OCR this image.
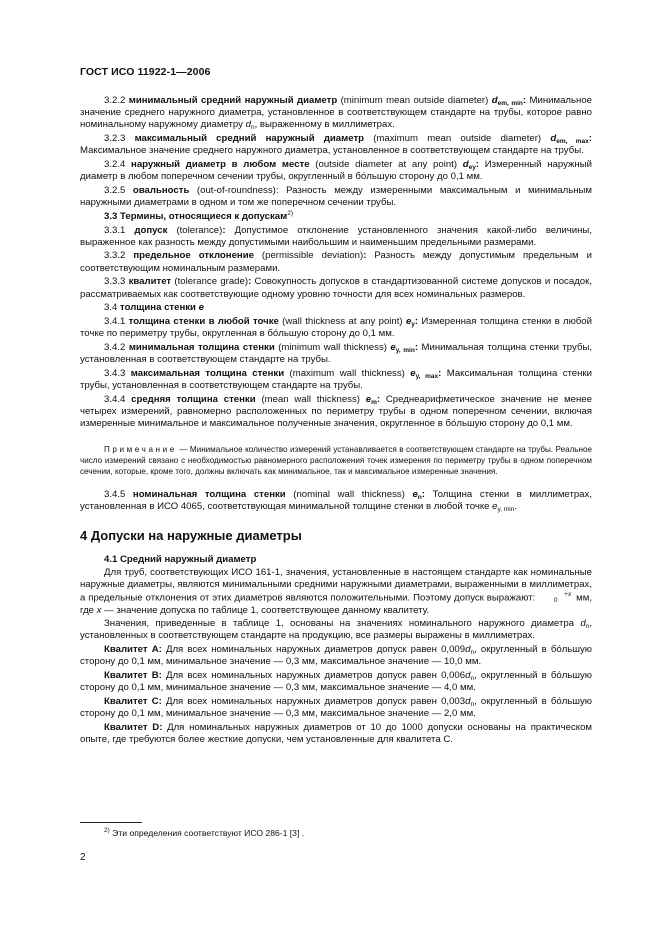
ГОСТ ИСО 11922-1—2006

3.2.2 минимальный средний наружный диаметр (minimum mean outside diameter) $d_{em, min}$: Минимальное значение среднего наружного диаметра, установленное в соответствующем стандарте на трубы, которое равно номинальному наружному диаметру $d_n$, выраженному в миллиметрах.

3.2.3 максимальный средний наружный диаметр (maximum mean outside diameter) $d_{em, max}$: Максимальное значение среднего наружного диаметра, установленное в соответствующем стандарте на трубы.

3.2.4 наружный диаметр в любом месте (outside diameter at any point) $d_{ey}$: Измеренный наружный диаметр в любом поперечном сечении трубы, округленный в бо́льшую сторону до 0,1 мм.

3.2.5 овальность (out-of-roundness): Разность между измеренными максимальным и минимальным наружными диаметрами в одном и том же поперечном сечении трубы.

3.3 Термины, относящиеся к допускам$^{2)}$

3.3.1 допуск (tolerance): Допустимое отклонение установленного значения какой-либо величины, выраженное как разность между допустимыми наибольшим и наименьшим предельными размерами.

3.3.2 предельное отклонение (permissible deviation): Разность между допустимым предельным и соответствующим номинальным размерами.

3.3.3 квалитет (tolerance grade): Совокупность допусков в стандартизованной системе допусков и посадок, рассматриваемых как соответствующие одному уровню точности для всех номинальных размеров.

3.4 толщина стенки e

3.4.1 толщина стенки в любой точке (wall thickness at any point) $e_y$: Измеренная толщина стенки в любой точке по периметру трубы, округленная в бо́льшую сторону до 0,1 мм.

3.4.2 минимальная толщина стенки (minimum wall thickness) $e_{y, min}$: Минимальная толщина стенки трубы, установленная в соответствующем стандарте на трубы.

3.4.3 максимальная толщина стенки (maximum wall thickness) $e_{y, max}$: Максимальная толщина стенки трубы, установленная в соответствующем стандарте на трубы.

3.4.4 средняя толщина стенки (mean wall thickness) $e_m$: Среднеарифметическое значение не менее четырех измерений, равномерно расположенных по периметру трубы в одном поперечном сечении, включая измеренные минимальное и максимальное полученные значения, округленное в бо́льшую сторону до 0,1 мм.

Примечание — Минимальное количество измерений устанавливается в соответствующем стандарте на трубы. Реальное число измерений связано с необходимостью равномерного расположения точек измерения по периметру трубы в одном поперечном сечении, которые, кроме того, должны включать как минимальное, так и максимальное измеренные значения.

3.4.5 номинальная толщина стенки (nominal wall thickness) $e_n$: Толщина стенки в миллиметрах, установленная в ИСО 4065, соответствующая минимальной толщине стенки в любой точке $e_{y, min}$.

4 Допуски на наружные диаметры

4.1 Средний наружный диаметр

Для труб, соответствующих ИСО 161-1, значения, установленные в настоящем стандарте как номинальные наружные диаметры, являются минимальными средними наружными диаметрами, выраженными в миллиметрах, а предельные отклонения от этих диаметров являются положительными. Поэтому допуск выражают:	+x
0 мм, где x — значение допуска по таблице 1, соответствующее данному квалитету.

Значения, приведенные в таблице 1, основаны на значениях номинального наружного диаметра $d_n$, установленных в соответствующем стандарте на продукцию, все размеры выражены в миллиметрах.

Квалитет А: Для всех номинальных наружных диаметров допуск равен $0,009d_n$, округленный в бо́льшую сторону до 0,1 мм, минимальное значение — 0,3 мм, максимальное значение — 10,0 мм.

Квалитет В: Для всех номинальных наружных диаметров допуск равен $0,006d_n$, округленный в бо́льшую сторону до 0,1 мм, минимальное значение — 0,3 мм, максимальное значение — 4,0 мм.

Квалитет С: Для всех номинальных наружных диаметров допуск равен $0,003d_n$, округленный в бо́льшую сторону до 0,1 мм, минимальное значение — 0,3 мм, максимальное значение — 2,0 мм.

Квалитет D: Для номинальных наружных диаметров от 10 до 1000 допуски основаны на практическом опыте, где требуются более жесткие допуски, чем установленные для квалитета С.

$^{2)}$ Эти определения соответствуют ИСО 286-1 [3] .
2
